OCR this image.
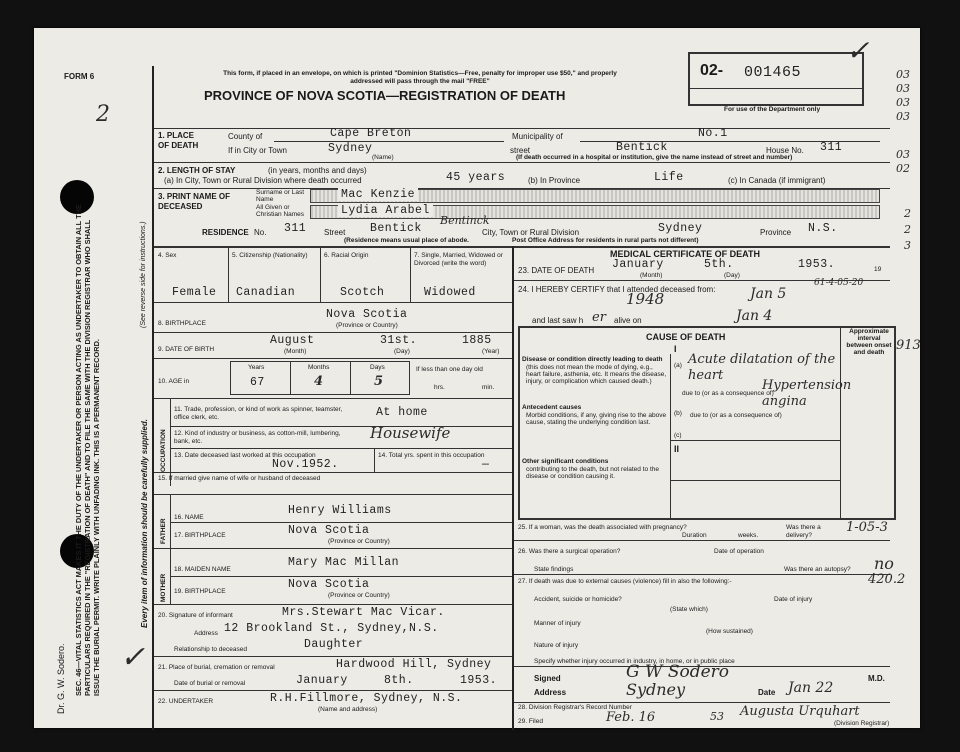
FORM 6	This form, if placed in an envelope, on which is printed "Dominion Statistics—Free, penalty for improper use $50," and properly addressed will pass through the mail "FREE"
PROVINCE OF NOVA SCOTIA—REGISTRATION OF DEATH
2
02- 001465
For use of the Department only
✓
03
03
03
03
03
02
2
2
3
SEC. 46—VITAL STATISTICS ACT MAKES IT THE DUTY OF THE UNDERTAKER OR PERSON ACTING AS UNDERTAKER TO OBTAIN ALL THE PARTICULARS REQUIRED IN THE "REGISTRATION OF DEATH" AND TO FILE THE SAME WITH THE DIVISION REGISTRAR WHO SHALL ISSUE THE BURIAL PERMIT. WRITE PLAINLY WITH UNFADING INK. THIS IS A PERMANENT RECORD.	Every item of information should be carefully supplied.
(See reverse side for instructions.)
Dr. G. W. Sodero. ✓
1. PLACE OF DEATH
County of	Cape Breton	Municipality of	No.1
If in City or Town	Sydney
(Name)
street	Bentick	House No. 311
(If death occurred in a hospital or institution, give the name instead of street and number)
2. LENGTH OF STAY	(in years, months and days)
(a) In City, Town or Rural Division where death occurred	45 years	(b) In Province	Life	(c) In Canada (if immigrant)
3. PRINT NAME OF DECEASED
Surname or Last Name	Mac Kenzie
All Given or Christian Names	Lydia Arabel
RESIDENCE No. 311 Street Bentick
Bentinck
City, Town or Rural Division	Sydney	Province N.S.
(Residence means usual place of abode.	Post Office Address for residents in rural parts not different)
4. Sex	5. Citizenship (Nationality)	6. Racial Origin	7. Single, Married, Widowed or Divorced (write the word)
Female Canadian	Scotch	Widowed
8. BIRTHPLACE
Nova Scotia
(Province or Country)
9. DATE OF BIRTH
August	31st.	1885
(Month)	(Day)	(Year)
10. AGE in
Years	Months	Days
67	4	5
If less than one day old
hrs.	min.
OCCUPATION
11. Trade, profession, or kind of work as spinner, teamster, office clerk, etc.	At home
12. Kind of industry or business, as cotton-mill, lumbering, bank, etc.	Housewife
13. Date deceased last worked at this occupation
Nov.1952.
14. Total yrs. spent in this occupation
—
15. If married give name of wife or husband of deceased
FATHER
MOTHER
16. NAME
Henry Williams
17. BIRTHPLACE	Nova Scotia
(Province or Country)
18. MAIDEN NAME
Mary Mac Millan
19. BIRTHPLACE
Nova Scotia
(Province or Country)
20. Signature of informant	Mrs.Stewart Mac Vicar.
Address 12 Brookland St., Sydney,N.S.
Relationship to deceased	Daughter
21. Place of burial, cremation or removal	Hardwood Hill, Sydney
Date of burial or removal	January	8th.	1953.
22. UNDERTAKER	R.H.Fillmore, Sydney, N.S.
(Name and address)
MEDICAL CERTIFICATE OF DEATH
23. DATE OF DEATH January	5th.	1953.
(Month)	(Day)
19
24. I HEREBY CERTIFY that I attended deceased from:
1948	Jan 5
61-4-05-20
and last saw h er alive on	Jan 4
Approximate interval between onset and death
CAUSE OF DEATH
I
Disease or condition directly leading to death
(this does not mean the mode of dying, e.g., heart failure, asthenia, etc. It means the disease, injury, or complication which caused death.)
(a) Acute dilatation of the heart
due to (or as a consequence of)
Hypertension angina
Antecedent causes
Morbid conditions, if any, giving rise to the above cause, stating the underlying condition last.
(b) due to (or as a consequence of)
(c)
II
Other significant conditions
contributing to the death, but not related to the disease or condition causing it.
913
25. If a woman, was the death associated with pregnancy?
Duration	weeks.
Was there a delivery?
1-05-3
26. Was there a surgical operation?	Date of operation
State findings	Was there an autopsy? no
27. If death was due to external causes (violence) fill in also the following:-	420.2
Accident, suicide or homicide?	Date of injury
(State which)
Manner of injury
(How sustained)
Nature of injury
Specify whether injury occurred in industry, in home, or in public place
Signed	G W Sodero	M.D.
Address	Sydney	Date Jan 22
28. Division Registrar's Record Number
29. Filed	Feb. 16	53 Augusta Urquhart
(Division Registrar)
